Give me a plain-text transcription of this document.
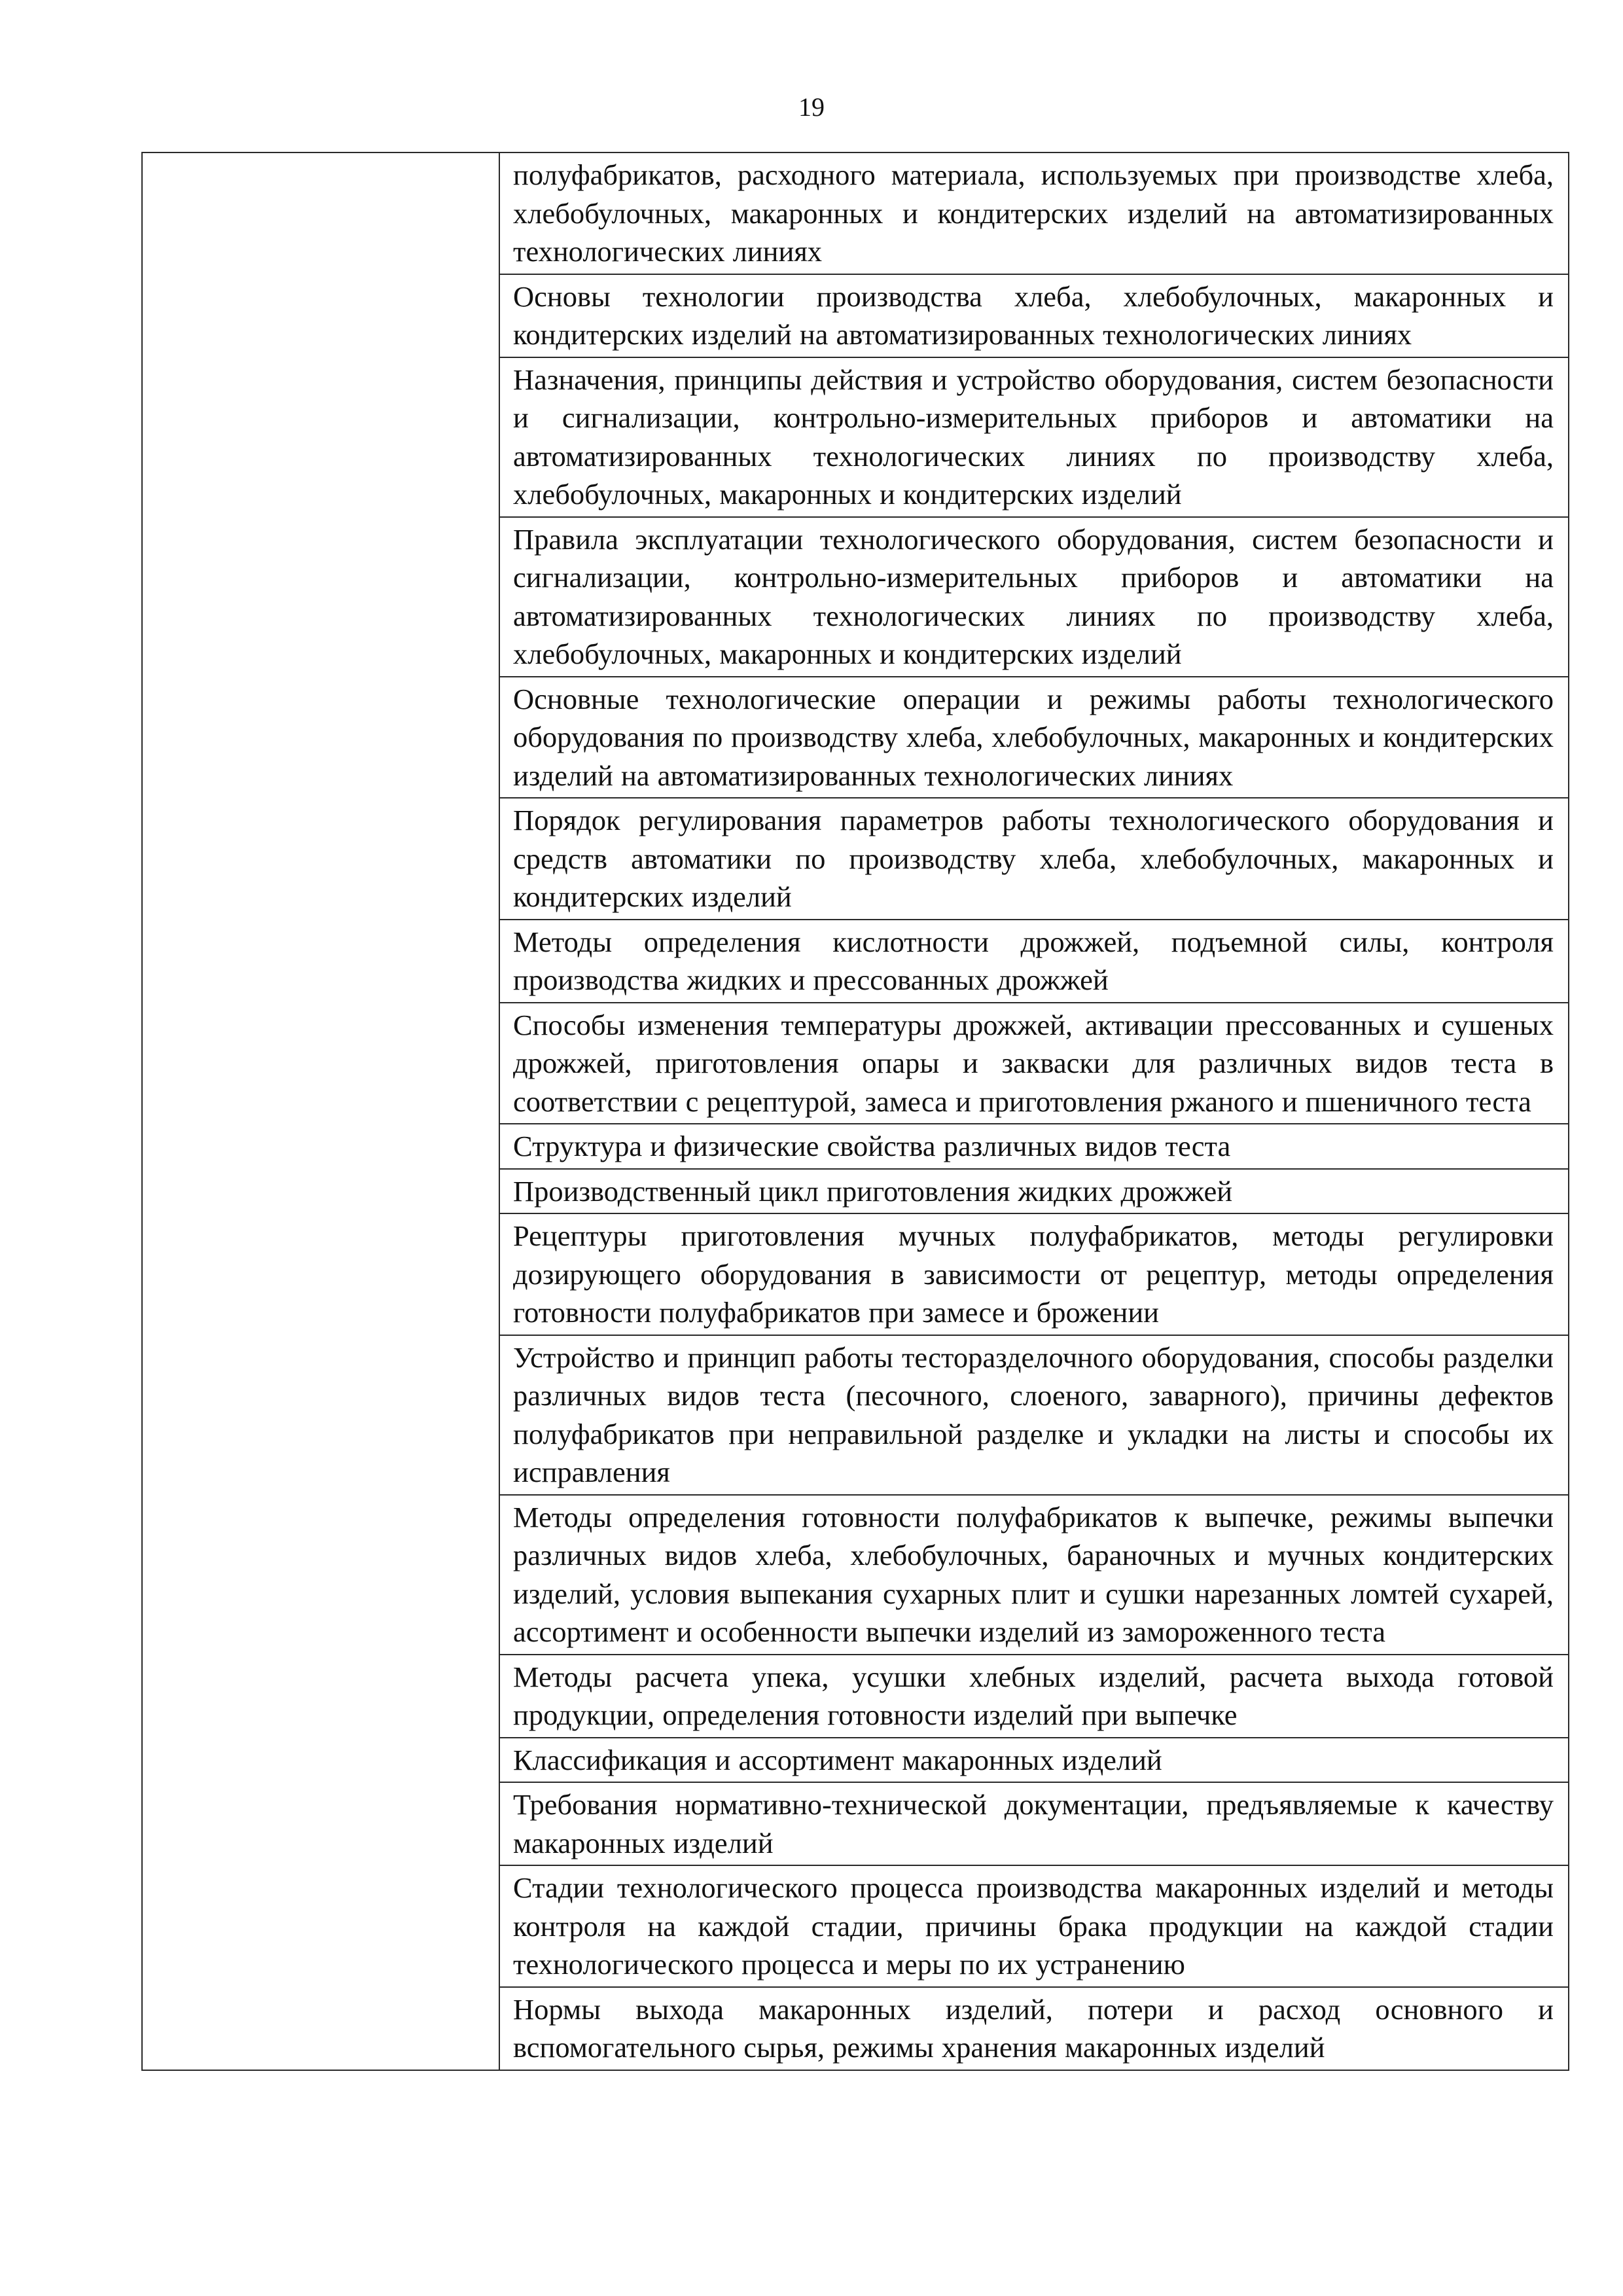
19

полуфабрикатов, расходного материала, используемых при производстве хлеба, хлебобулочных, макаронных и кондитерских изделий на автоматизированных технологических линиях
Основы технологии производства хлеба, хлебобулочных, макаронных и кондитерских изделий на автоматизированных технологических линиях
Назначения, принципы действия и устройство оборудования, систем безопасности и сигнализации, контрольно-измерительных приборов и автоматики на автоматизированных технологических линиях по производству хлеба, хлебобулочных, макаронных и кондитерских изделий
Правила эксплуатации технологического оборудования, систем безопасности и сигнализации, контрольно-измерительных приборов и автоматики на автоматизированных технологических линиях по производству хлеба, хлебобулочных, макаронных и кондитерских изделий
Основные технологические операции и режимы работы технологического оборудования по производству хлеба, хлебобулочных, макаронных и кондитерских изделий на автоматизированных технологических линиях
Порядок регулирования параметров работы технологического оборудования и средств автоматики по производству хлеба, хлебобулочных, макаронных и кондитерских изделий
Методы определения кислотности дрожжей, подъемной силы, контроля производства жидких и прессованных дрожжей
Способы изменения температуры дрожжей, активации прессованных и сушеных дрожжей, приготовления опары и закваски для различных видов теста в соответствии с рецептурой, замеса и приготовления ржаного и пшеничного теста
Структура и физические свойства различных видов теста
Производственный цикл приготовления жидких дрожжей
Рецептуры приготовления мучных полуфабрикатов, методы регулировки дозирующего оборудования в зависимости от рецептур, методы определения готовности полуфабрикатов при замесе и брожении
Устройство и принцип работы тесторазделочного оборудования, способы разделки различных видов теста (песочного, слоеного, заварного), причины дефектов полуфабрикатов при неправильной разделке и укладки на листы и способы их исправления
Методы определения готовности полуфабрикатов к выпечке, режимы выпечки различных видов хлеба, хлебобулочных, бараночных и мучных кондитерских изделий, условия выпекания сухарных плит и сушки нарезанных ломтей сухарей, ассортимент и особенности выпечки изделий из замороженного теста
Методы расчета упека, усушки хлебных изделий, расчета выхода готовой продукции, определения готовности изделий при выпечке
Классификация и ассортимент макаронных изделий
Требования нормативно-технической документации, предъявляемые к качеству макаронных изделий
Стадии технологического процесса производства макаронных изделий и методы контроля на каждой стадии, причины брака продукции на каждой стадии технологического процесса и меры по их устранению
Нормы выхода макаронных изделий, потери и расход основного и вспомогательного сырья, режимы хранения макаронных изделий
